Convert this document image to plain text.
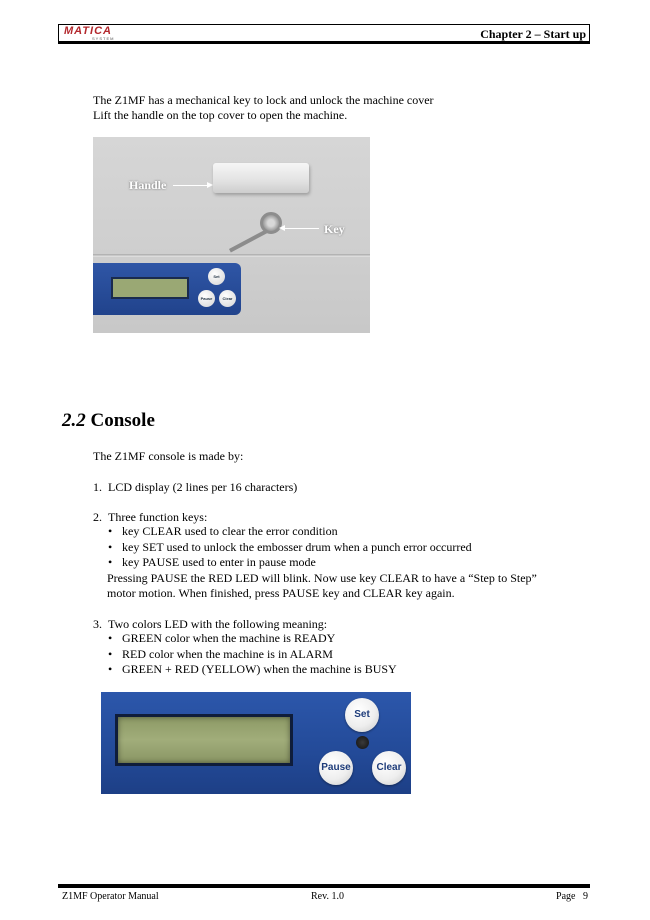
MATICA
SYSTEM	Chapter 2 – Start up

The Z1MF has a mechanical key to lock and unlock the machine cover

Lift the handle on the top cover to open the machine.

Handle
Key
Set
Pause	Clear
2.2 Console

The Z1MF console is made by:

1. LCD display (2 lines per 16 characters)

2. Three function keys:

• key CLEAR used to clear the error condition
• key SET used to unlock the embosser drum when a punch error occurred
• key PAUSE used to enter in pause mode

Pressing PAUSE the RED LED will blink. Now use key CLEAR to have a “Step to Step”

motor motion. When finished, press PAUSE key and CLEAR key again.

3. Two colors LED with the following meaning:

• GREEN color when the machine is READY
• RED color when the machine is in ALARM
• GREEN + RED (YELLOW) when the machine is BUSY
Set
Pause	Clear
Z1MF Operator Manual	Rev. 1.0	Page  9
